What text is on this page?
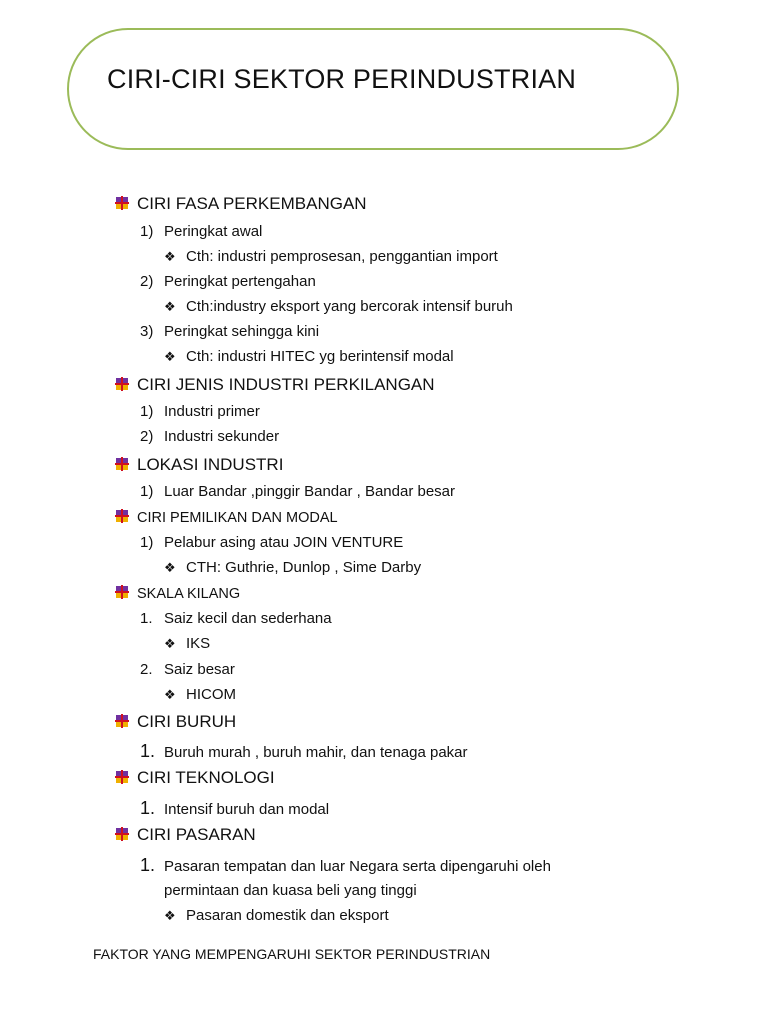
CIRI-CIRI SEKTOR PERINDUSTRIAN
CIRI FASA PERKEMBANGAN
1) Peringkat awal
❖ Cth: industri pemprosesan, penggantian import
2) Peringkat pertengahan
❖ Cth:industry eksport yang bercorak intensif buruh
3) Peringkat sehingga kini
❖ Cth: industri HITEC yg berintensif modal
CIRI JENIS INDUSTRI PERKILANGAN
1) Industri primer
2) Industri sekunder
LOKASI INDUSTRI
1) Luar Bandar ,pinggir Bandar , Bandar besar
CIRI PEMILIKAN DAN MODAL
1) Pelabur asing atau JOIN VENTURE
❖ CTH: Guthrie, Dunlop , Sime Darby
SKALA KILANG
1. Saiz kecil dan sederhana
❖ IKS
2. Saiz besar
❖ HICOM
CIRI BURUH
1. Buruh murah , buruh mahir, dan tenaga pakar
CIRI TEKNOLOGI
1. Intensif buruh dan modal
CIRI PASARAN
1. Pasaran tempatan dan luar Negara serta dipengaruhi oleh
permintaan dan kuasa beli yang tinggi
❖ Pasaran domestik dan eksport
FAKTOR YANG MEMPENGARUHI SEKTOR PERINDUSTRIAN
